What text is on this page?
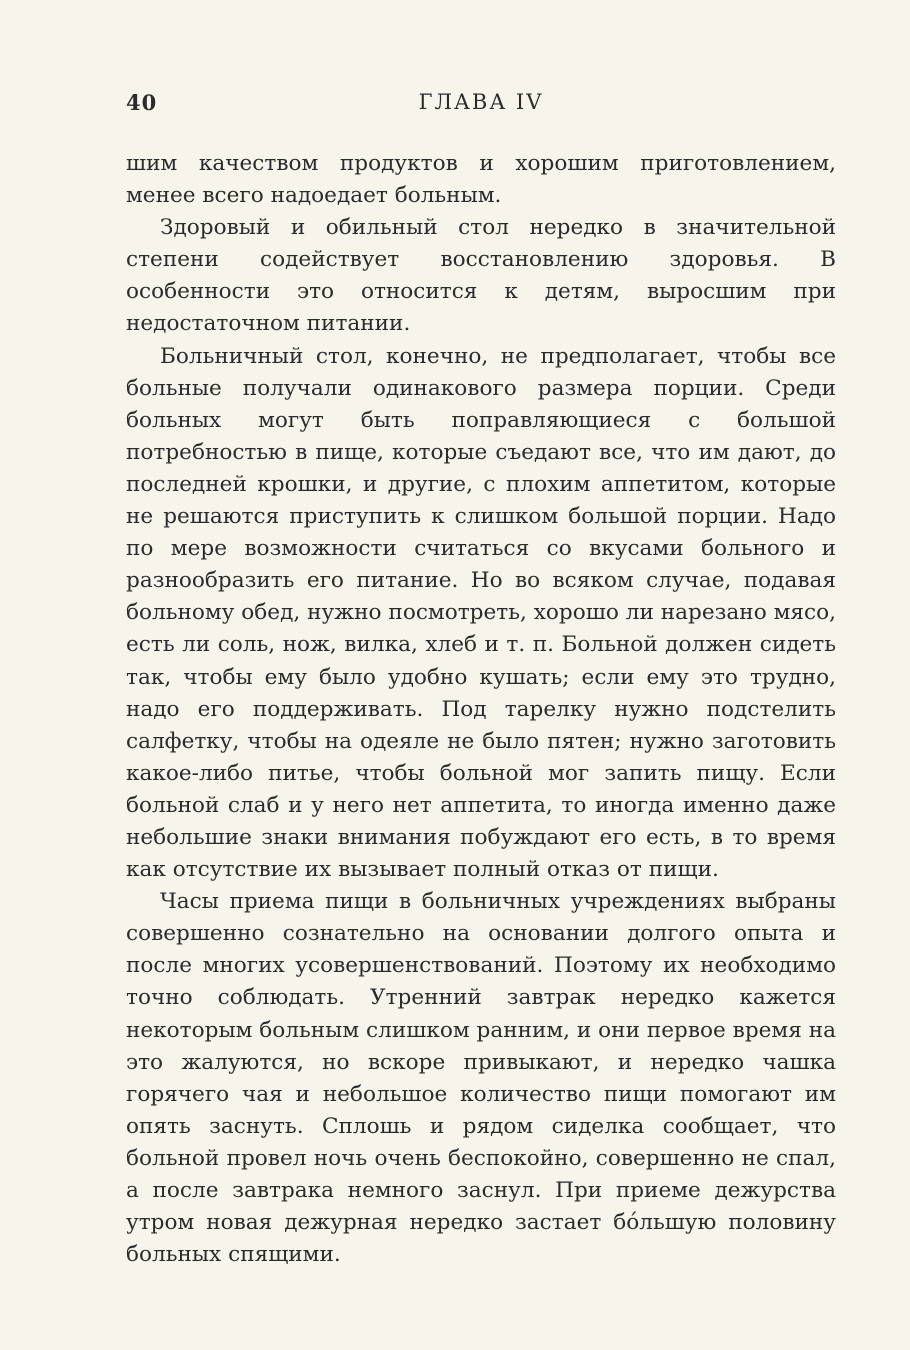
40	ГЛАВА IV

шим качеством продуктов и хорошим приготовлением, менее всего надоедает больным.

Здоровый и обильный стол нередко в значительной степени содействует восстановлению здоровья. В особенности это относится к детям, выросшим при недостаточном питании.

Больничный стол, конечно, не предполагает, чтобы все больные получали одинакового размера порции. Среди больных могут быть поправляющиеся с большой потребностью в пище, которые съедают все, что им дают, до последней крошки, и другие, с плохим аппетитом, которые не решаются приступить к слишком большой порции. Надо по мере возможности считаться со вкусами больного и разнообразить его питание. Но во всяком случае, подавая больному обед, нужно посмотреть, хорошо ли нарезано мясо, есть ли соль, нож, вилка, хлеб и т. п. Больной должен сидеть так, чтобы ему было удобно кушать; если ему это трудно, надо его поддерживать. Под тарелку нужно подстелить салфетку, чтобы на одеяле не было пятен; нужно заготовить какое-либо питье, чтобы больной мог запить пищу. Если больной слаб и у него нет аппетита, то иногда именно даже небольшие знаки внимания побуждают его есть, в то время как отсутствие их вызывает полный отказ от пищи.

Часы приема пищи в больничных учреждениях выбраны совершенно сознательно на основании долгого опыта и после многих усовершенствований. Поэтому их необходимо точно соблюдать. Утренний завтрак нередко кажется некоторым больным слишком ранним, и они первое время на это жалуются, но вскоре привыкают, и нередко чашка горячего чая и небольшое количество пищи помогают им опять заснуть. Сплошь и рядом сиделка сообщает, что больной провел ночь очень беспокойно, совершенно не спал, а после завтрака немного заснул. При приеме дежурства утром новая дежурная нередко застает бо́льшую половину больных спящими.
